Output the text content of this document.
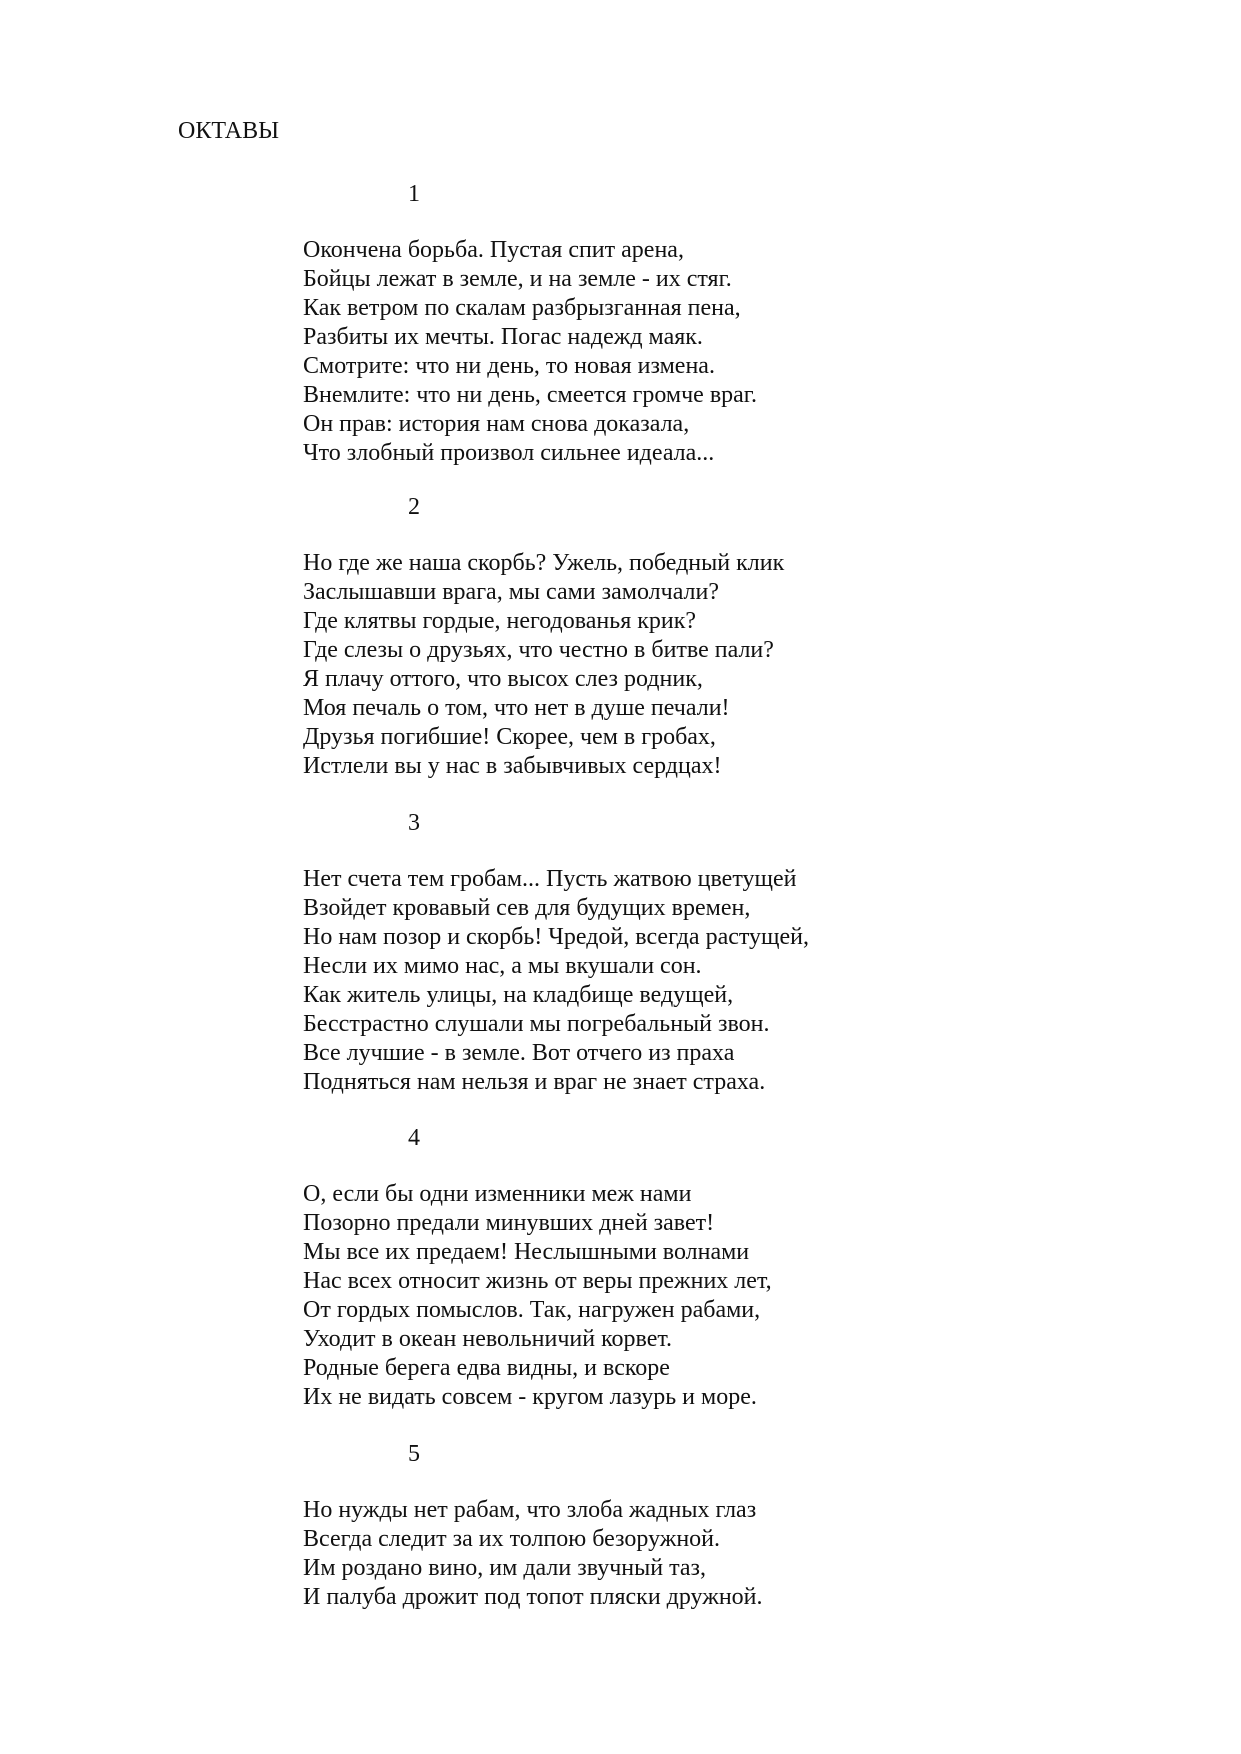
ОКТАВЫ
1
Окончена борьба. Пустая спит арена,
Бойцы лежат в земле, и на земле - их стяг.
Как ветром по скалам разбрызганная пена,
Разбиты их мечты. Погас надежд маяк.
Смотрите: что ни день, то новая измена.
Внемлите: что ни день, смеется громче враг.
Он прав: история нам снова доказала,
Что злобный произвол сильнее идеала...
2
Но где же наша скорбь? Ужель, победный клик
Заслышавши врага, мы сами замолчали?
Где клятвы гордые, негодованья крик?
Где слезы о друзьях, что честно в битве пали?
Я плачу оттого, что высох слез родник,
Моя печаль о том, что нет в душе печали!
Друзья погибшие! Скорее, чем в гробах,
Истлели вы у нас в забывчивых сердцах!
3
Нет счета тем гробам... Пусть жатвою цветущей
Взойдет кровавый сев для будущих времен,
Но нам позор и скорбь! Чредой, всегда растущей,
Несли их мимо нас, а мы вкушали сон.
Как житель улицы, на кладбище ведущей,
Бесстрастно слушали мы погребальный звон.
Все лучшие - в земле. Вот отчего из праха
Подняться нам нельзя и враг не знает страха.
4
О, если бы одни изменники меж нами
Позорно предали минувших дней завет!
Мы все их предаем! Неслышными волнами
Нас всех относит жизнь от веры прежних лет,
От гордых помыслов. Так, нагружен рабами,
Уходит в океан невольничий корвет.
Родные берега едва видны, и вскоре
Их не видать совсем - кругом лазурь и море.
5
Но нужды нет рабам, что злоба жадных глаз
Всегда следит за их толпою безоружной.
Им роздано вино, им дали звучный таз,
И палуба дрожит под топот пляски дружной.
